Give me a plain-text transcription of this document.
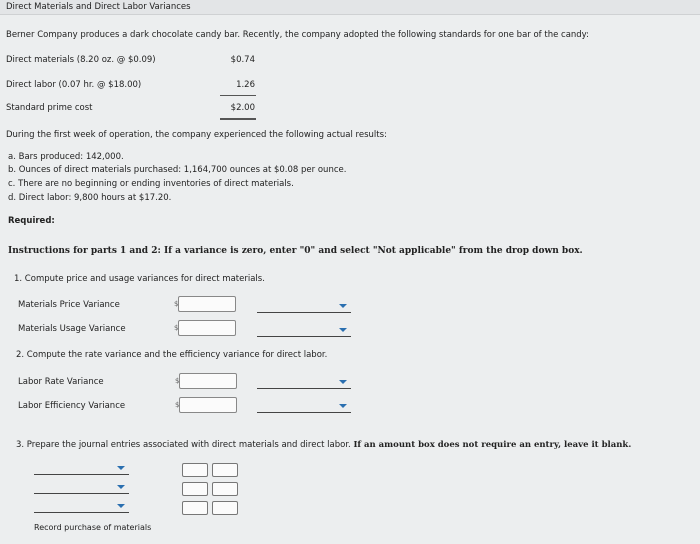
Direct Materials and Direct Labor Variances
Berner Company produces a dark chocolate candy bar. Recently, the company adopted the following standards for one bar of the candy:
Direct materials (8.20 oz. @ $0.09)	$0.74
Direct labor (0.07 hr. @ $18.00)	1.26
Standard prime cost	$2.00
During the first week of operation, the company experienced the following actual results:
a. Bars produced: 142,000.
b. Ounces of direct materials purchased: 1,164,700 ounces at $0.08 per ounce.
c. There are no beginning or ending inventories of direct materials.
d. Direct labor: 9,800 hours at $17.20.
Required:
Instructions for parts 1 and 2: If a variance is zero, enter "0" and select "Not applicable" from the drop down box.
1. Compute price and usage variances for direct materials.
Materials Price Variance	$
Materials Usage Variance	$
2. Compute the rate variance and the efficiency variance for direct labor.
Labor Rate Variance	$
Labor Efficiency Variance	$
3. Prepare the journal entries associated with direct materials and direct labor. If an amount box does not require an entry, leave it blank.
Record purchase of materials
